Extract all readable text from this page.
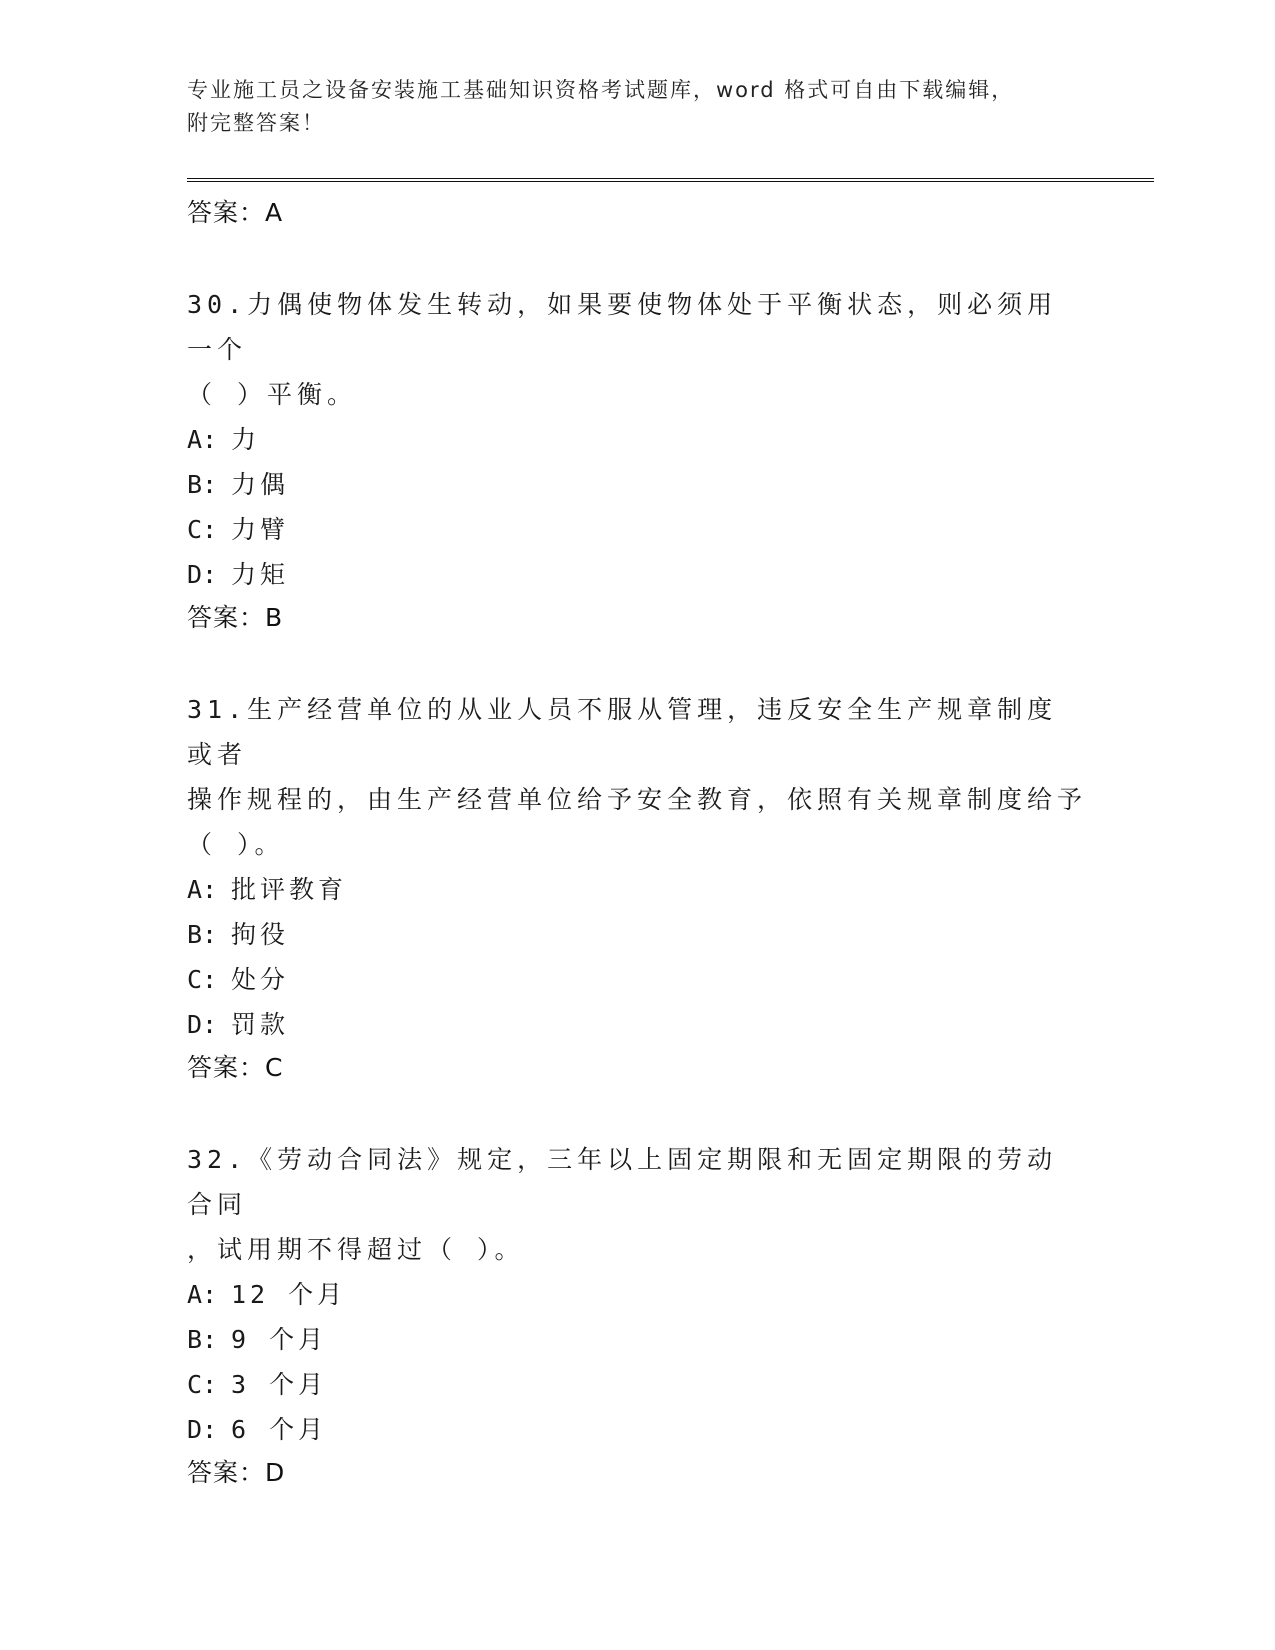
专业施工员之设备安装施工基础知识资格考试题库，word 格式可自由下载编辑，
附完整答案！
答案：A
30.力偶使物体发生转动，如果要使物体处于平衡状态，则必须用一个
（ ）平衡。
A: 力
B: 力偶
C: 力臂
D: 力矩
答案：B
31.生产经营单位的从业人员不服从管理，违反安全生产规章制度或者
操作规程的，由生产经营单位给予安全教育，依照有关规章制度给予
（ ）。
A: 批评教育
B: 拘役
C: 处分
D: 罚款
答案：C
32.《劳动合同法》规定，三年以上固定期限和无固定期限的劳动合同
，试用期不得超过（ ）。
A: 12 个月
B: 9 个月
C: 3 个月
D: 6 个月
答案：D
